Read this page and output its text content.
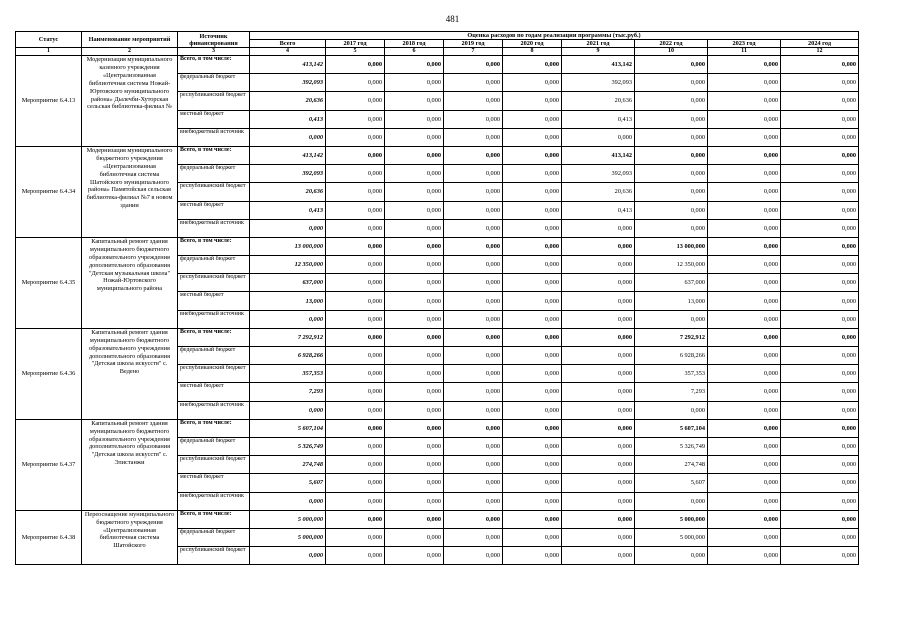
481
Статус	Наименование мероприятий	Источник финансирования	Оценка расходов по годам реализации программы (тыс.руб.)								
			Всего	2017 год	2018 год	2019 год	2020 год	2021 год	2022 год	2023 год	2024 год
1	2	3	4	5	6	7	8	9	10	11	12
Мероприятие 6.4.13	Модернизация муниципального казенного учреждения «Централизованная библиотечная система Ножай-Юртовского муниципального района» Дылечби-Хуторская сельская библиотека-филиал №	Всего, в том числе:	413,142	0,000	0,000	0,000	0,000	413,142	0,000	0,000	0,000
		федеральный бюджет	392,093	0,000	0,000	0,000	0,000	392,093	0,000	0,000	0,000
		республиканский бюджет	20,636	0,000	0,000	0,000	0,000	20,636	0,000	0,000	0,000
		местный бюджет	0,413	0,000	0,000	0,000	0,000	0,413	0,000	0,000	0,000
		внебюджетный источник	0,000	0,000	0,000	0,000	0,000	0,000	0,000	0,000	0,000
Мероприятие 6.4.34	Модернизация муниципального бюджетного учреждения «Централизованная библиотечная система Шатойского муниципального района» Памятойская сельская библиотека-филиал №7 в новом здании	Всего, в том числе:	413,142	0,000	0,000	0,000	0,000	413,142	0,000	0,000	0,000
		федеральный бюджет	392,093	0,000	0,000	0,000	0,000	392,093	0,000	0,000	0,000
		республиканский бюджет	20,636	0,000	0,000	0,000	0,000	20,636	0,000	0,000	0,000
		местный бюджет	0,413	0,000	0,000	0,000	0,000	0,413	0,000	0,000	0,000
		внебюджетный источник	0,000	0,000	0,000	0,000	0,000	0,000	0,000	0,000	0,000
Мероприятие 6.4.35	Капитальный ремонт здания муниципального бюджетного образовательного учреждения дополнительного образования "Детская музыкальная школа" Ножай-Юртовского муниципального района	Всего, в том числе:	13 000,000	0,000	0,000	0,000	0,000	0,000	13 000,000	0,000	0,000
		федеральный бюджет	12 350,000	0,000	0,000	0,000	0,000	0,000	12 350,000	0,000	0,000
		республиканский бюджет	637,000	0,000	0,000	0,000	0,000	0,000	637,000	0,000	0,000
		местный бюджет	13,000	0,000	0,000	0,000	0,000	0,000	13,000	0,000	0,000
		внебюджетный источник	0,000	0,000	0,000	0,000	0,000	0,000	0,000	0,000	0,000
Мероприятие 6.4.36	Капитальный ремонт здания муниципального бюджетного образовательного учреждения дополнительного образования "Детская школа искусств" с. Ведено	Всего, в том числе:	7 292,912	0,000	0,000	0,000	0,000	0,000	7 292,912	0,000	0,000
		федеральный бюджет	6 928,266	0,000	0,000	0,000	0,000	0,000	6 928,266	0,000	0,000
		республиканский бюджет	357,353	0,000	0,000	0,000	0,000	0,000	357,353	0,000	0,000
		местный бюджет	7,293	0,000	0,000	0,000	0,000	0,000	7,293	0,000	0,000
		внебюджетный источник	0,000	0,000	0,000	0,000	0,000	0,000	0,000	0,000	0,000
Мероприятие 6.4.37	Капитальный ремонт здания муниципального бюджетного образовательного учреждения дополнительного образования "Детская школа искусств" с. Элистанжи	Всего, в том числе:	5 607,104	0,000	0,000	0,000	0,000	0,000	5 607,104	0,000	0,000
		федеральный бюджет	5 326,749	0,000	0,000	0,000	0,000	0,000	5 326,749	0,000	0,000
		республиканский бюджет	274,748	0,000	0,000	0,000	0,000	0,000	274,748	0,000	0,000
		местный бюджет	5,607	0,000	0,000	0,000	0,000	0,000	5,607	0,000	0,000
		внебюджетный источник	0,000	0,000	0,000	0,000	0,000	0,000	0,000	0,000	0,000
Мероприятие 6.4.38	Переоснащение муниципального бюджетного учреждения «Централизованная библиотечная система Шатойского	Всего, в том числе:	5 000,000	0,000	0,000	0,000	0,000	0,000	5 000,000	0,000	0,000
		федеральный бюджет	5 000,000	0,000	0,000	0,000	0,000	0,000	5 000,000	0,000	0,000
		республиканский бюджет	0,000	0,000	0,000	0,000	0,000	0,000	0,000	0,000	0,000
